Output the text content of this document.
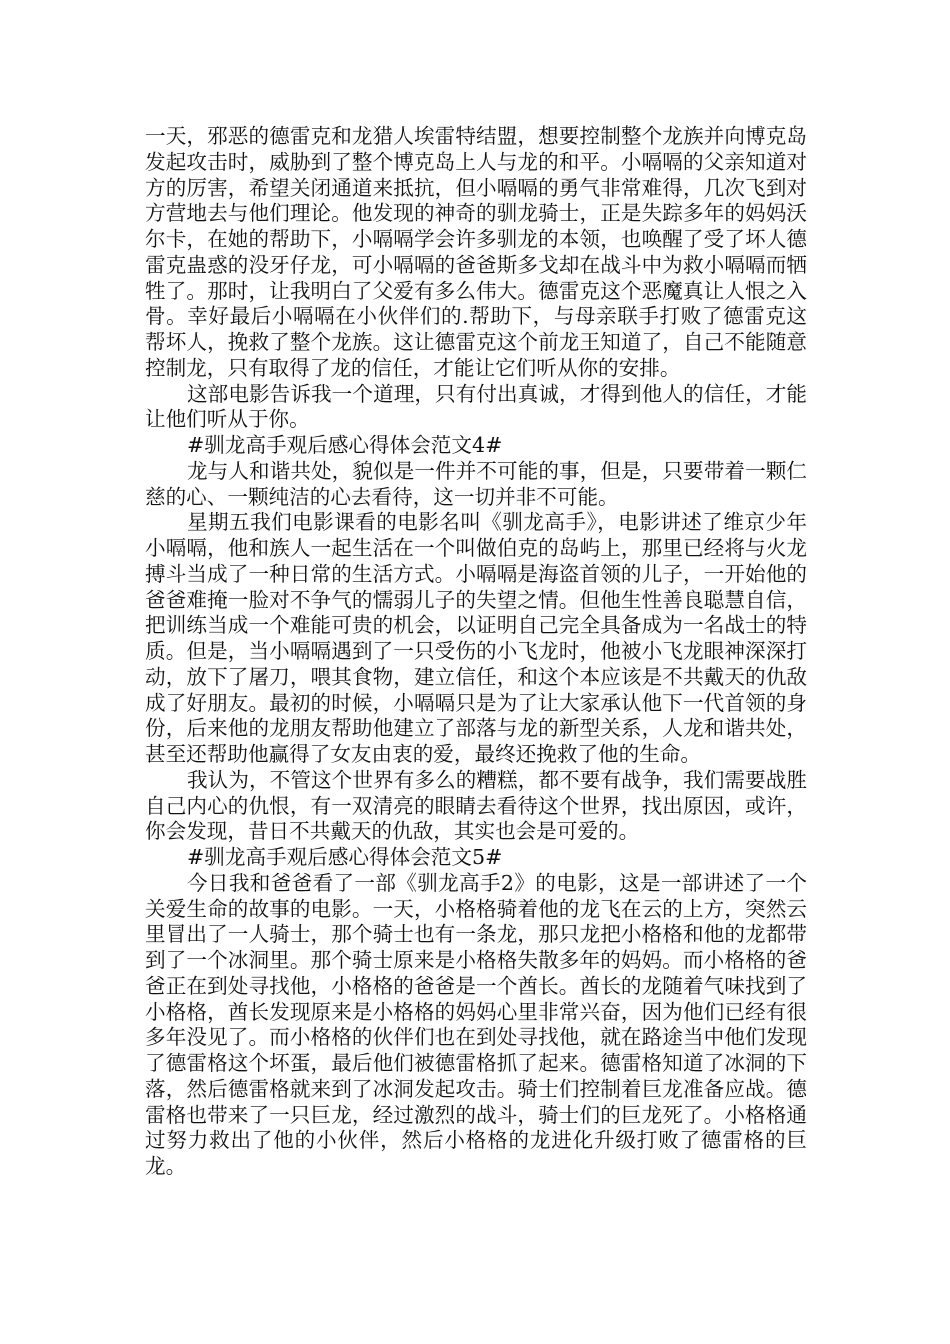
一天，邪恶的德雷克和龙猎人埃雷特结盟，想要控制整个龙族并向博克岛发起攻击时，威胁到了整个博克岛上人与龙的和平。小嗝嗝的父亲知道对方的厉害，希望关闭通道来抵抗，但小嗝嗝的勇气非常难得，几次飞到对方营地去与他们理论。他发现的神奇的驯龙骑士，正是失踪多年的妈妈沃尔卡，在她的帮助下，小嗝嗝学会许多驯龙的本领，也唤醒了受了坏人德雷克蛊惑的没牙仔龙，可小嗝嗝的爸爸斯多戈却在战斗中为救小嗝嗝而牺牲了。那时，让我明白了父爱有多么伟大。德雷克这个恶魔真让人恨之入骨。幸好最后小嗝嗝在小伙伴们的.帮助下，与母亲联手打败了德雷克这帮坏人，挽救了整个龙族。这让德雷克这个前龙王知道了，自己不能随意控制龙，只有取得了龙的信任，才能让它们听从你的安排。

这部电影告诉我一个道理，只有付出真诚，才得到他人的信任，才能让他们听从于你。

#驯龙高手观后感心得体会范文4#

龙与人和谐共处，貌似是一件并不可能的事，但是，只要带着一颗仁慈的心、一颗纯洁的心去看待，这一切并非不可能。

星期五我们电影课看的电影名叫《驯龙高手》，电影讲述了维京少年小嗝嗝，他和族人一起生活在一个叫做伯克的岛屿上，那里已经将与火龙搏斗当成了一种日常的生活方式。小嗝嗝是海盗首领的儿子，一开始他的爸爸难掩一脸对不争气的懦弱儿子的失望之情。但他生性善良聪慧自信，把训练当成一个难能可贵的机会，以证明自己完全具备成为一名战士的特质。但是，当小嗝嗝遇到了一只受伤的小飞龙时，他被小飞龙眼神深深打动，放下了屠刀，喂其食物，建立信任，和这个本应该是不共戴天的仇敌成了好朋友。最初的时候，小嗝嗝只是为了让大家承认他下一代首领的身份，后来他的龙朋友帮助他建立了部落与龙的新型关系，人龙和谐共处，甚至还帮助他赢得了女友由衷的爱，最终还挽救了他的生命。

我认为，不管这个世界有多么的糟糕，都不要有战争，我们需要战胜自己内心的仇恨，有一双清亮的眼睛去看待这个世界，找出原因，或许，你会发现，昔日不共戴天的仇敌，其实也会是可爱的。

#驯龙高手观后感心得体会范文5#

今日我和爸爸看了一部《驯龙高手2》的电影，这是一部讲述了一个关爱生命的故事的电影。一天，小格格骑着他的龙飞在云的上方，突然云里冒出了一人骑士，那个骑士也有一条龙，那只龙把小格格和他的龙都带到了一个冰洞里。那个骑士原来是小格格失散多年的妈妈。而小格格的爸爸正在到处寻找他，小格格的爸爸是一个酋长。酋长的龙随着气味找到了小格格，酋长发现原来是小格格的妈妈心里非常兴奋，因为他们已经有很多年没见了。而小格格的伙伴们也在到处寻找他，就在路途当中他们发现了德雷格这个坏蛋，最后他们被德雷格抓了起来。德雷格知道了冰洞的下落，然后德雷格就来到了冰洞发起攻击。骑士们控制着巨龙准备应战。德雷格也带来了一只巨龙，经过激烈的战斗，骑士们的巨龙死了。小格格通过努力救出了他的小伙伴，然后小格格的龙进化升级打败了德雷格的巨龙。
